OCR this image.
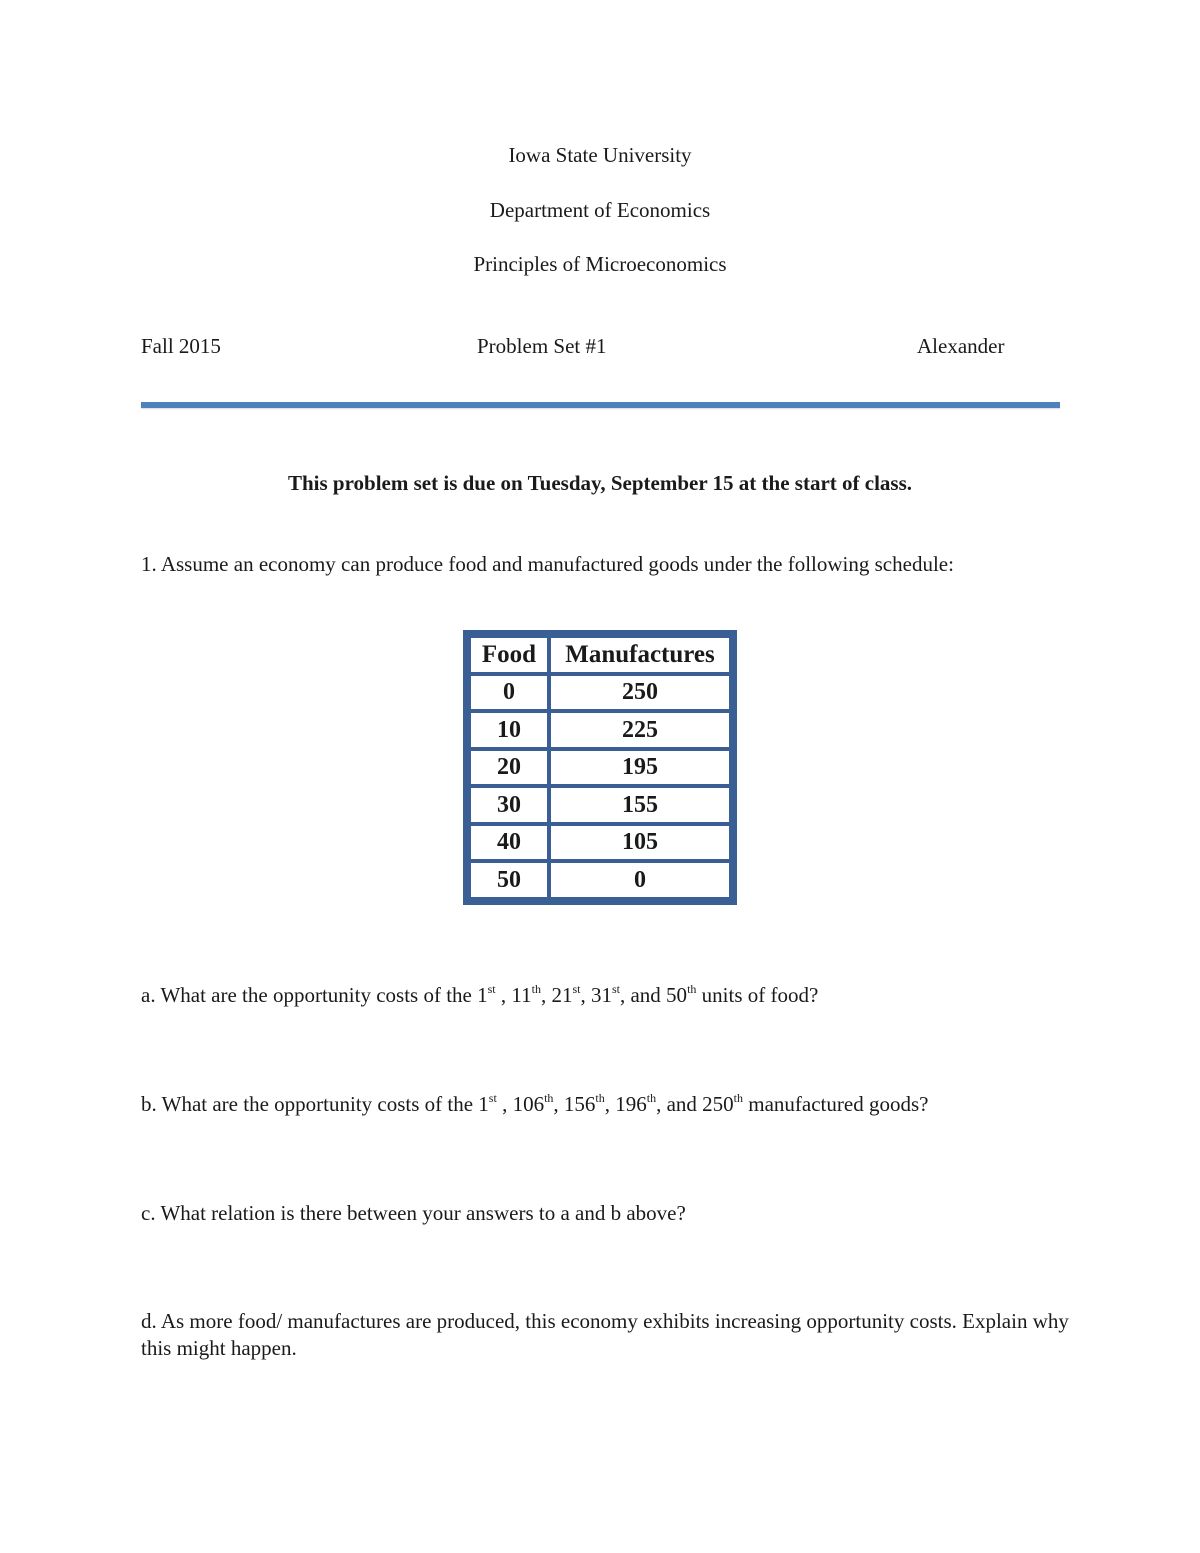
Iowa State University
Department of Economics
Principles of Microeconomics
Fall 2015	Problem Set #1	Alexander
This problem set is due on Tuesday, September 15 at the start of class.
1. Assume an economy can produce food and manufactured goods under the following schedule:
Food	Manufactures
0	250
10	225
20	195
30	155
40	105
50	0
a. What are the opportunity costs of the 1st , 11th, 21st, 31st, and 50th units of food?
b. What are the opportunity costs of the 1st , 106th, 156th, 196th, and 250th manufactured goods?
c. What relation is there between your answers to a and b above?
d. As more food/ manufactures are produced, this economy exhibits increasing opportunity costs. Explain why this might happen.
